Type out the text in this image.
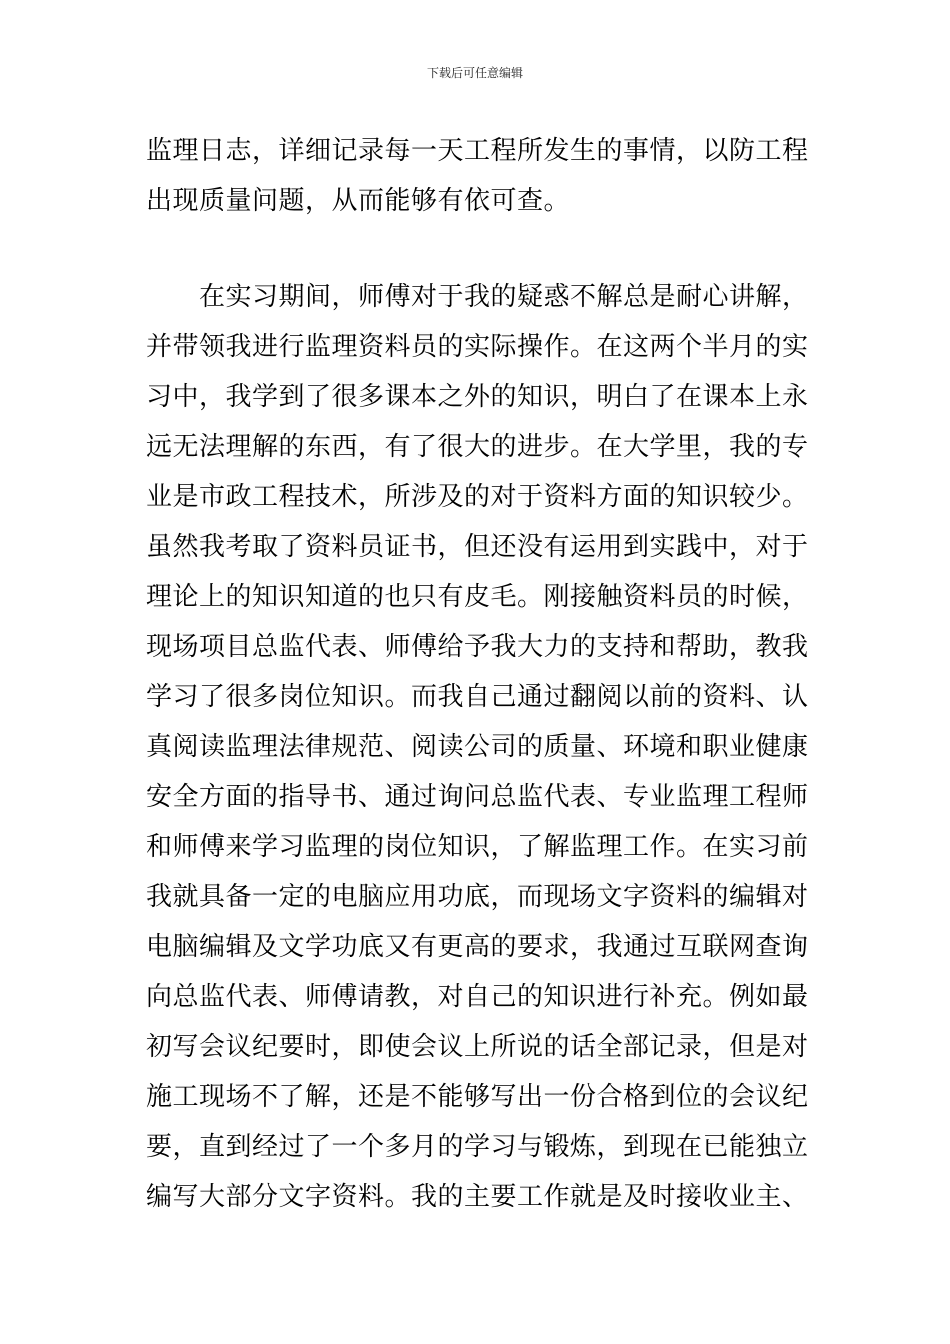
下载后可任意编辑
监理日志，详细记录每一天工程所发生的事情，以防工程
出现质量问题，从而能够有依可查。
　　在实习期间，师傅对于我的疑惑不解总是耐心讲解，
并带领我进行监理资料员的实际操作。在这两个半月的实
习中，我学到了很多课本之外的知识，明白了在课本上永
远无法理解的东西，有了很大的进步。在大学里，我的专
业是市政工程技术，所涉及的对于资料方面的知识较少。
虽然我考取了资料员证书，但还没有运用到实践中，对于
理论上的知识知道的也只有皮毛。刚接触资料员的时候，
现场项目总监代表、师傅给予我大力的支持和帮助，教我
学习了很多岗位知识。而我自己通过翻阅以前的资料、认
真阅读监理法律规范、阅读公司的质量、环境和职业健康
安全方面的指导书、通过询问总监代表、专业监理工程师
和师傅来学习监理的岗位知识，了解监理工作。在实习前
我就具备一定的电脑应用功底，而现场文字资料的编辑对
电脑编辑及文学功底又有更高的要求，我通过互联网查询
向总监代表、师傅请教，对自己的知识进行补充。例如最
初写会议纪要时，即使会议上所说的话全部记录，但是对
施工现场不了解，还是不能够写出一份合格到位的会议纪
要，直到经过了一个多月的学习与锻炼，到现在已能独立
编写大部分文字资料。我的主要工作就是及时接收业主、
